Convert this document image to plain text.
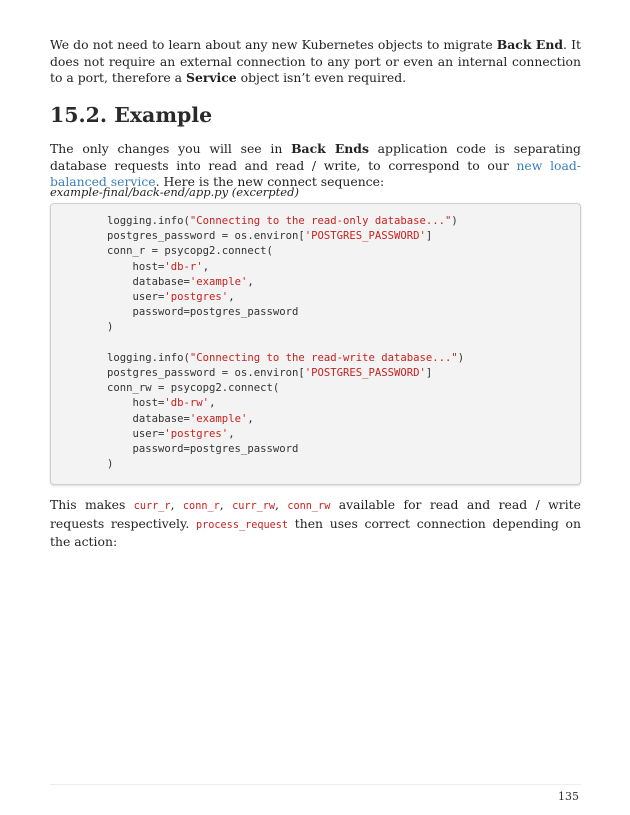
We do not need to learn about any new Kubernetes objects to migrate Back End. It does not require an external connection to any port or even an internal connection to a port, therefore a Service object isn’t even required.

15.2. Example

The only changes you will see in Back Ends application code is separating database requests into read and read / write, to correspond to our new load-balanced service. Here is the new connect sequence:

example-final/back-end/app.py (excerpted)
logging.info("Connecting to the read-only database...")
postgres_password = os.environ['POSTGRES_PASSWORD']
conn_r = psycopg2.connect(
host='db-r',
database='example',
user='postgres',
password=postgres_password
)

logging.info("Connecting to the read-write database...")
postgres_password = os.environ['POSTGRES_PASSWORD']
conn_rw = psycopg2.connect(
host='db-rw',
database='example',
user='postgres',
password=postgres_password
)

This makes curr_r, conn_r, curr_rw, conn_rw available for read and read / write requests respectively. process_request then uses correct connection depending on the action:

135
